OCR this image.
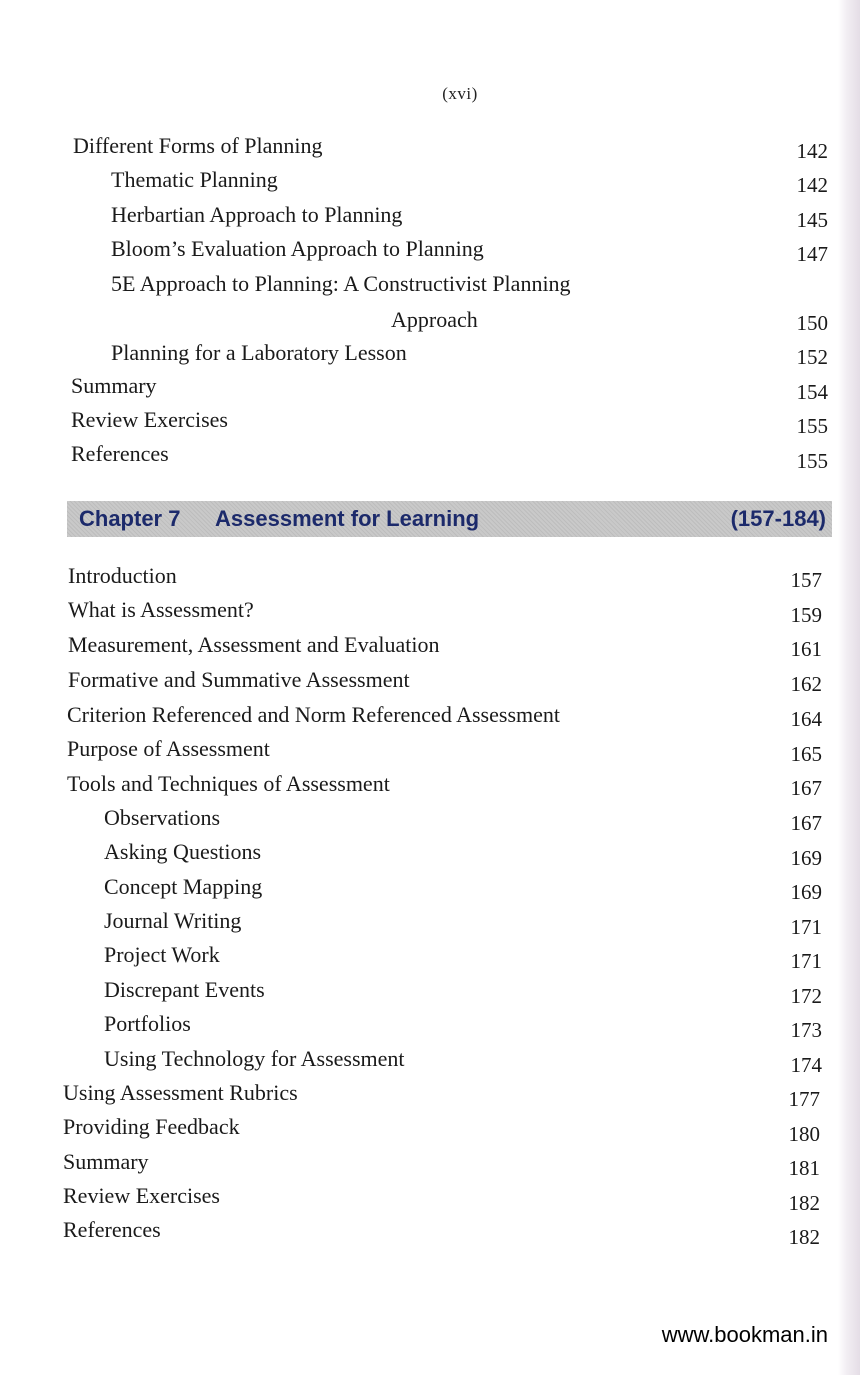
(xvi)
Different Forms of Planning	142
Thematic Planning	142
Herbartian Approach to Planning	145
Bloom’s Evaluation Approach to Planning	147
5E Approach to Planning: A Constructivist Planning
Approach	150
Planning for a Laboratory Lesson	152
Summary	154
Review Exercises	155
References	155
Chapter 7 Assessment for Learning	(157-184)
Introduction	157
What is Assessment?	159
Measurement, Assessment and Evaluation	161
Formative and Summative Assessment	162
Criterion Referenced and Norm Referenced Assessment	164
Purpose of Assessment	165
Tools and Techniques of Assessment	167
Observations	167
Asking Questions	169
Concept Mapping	169
Journal Writing	171
Project Work	171
Discrepant Events	172
Portfolios	173
Using Technology for Assessment	174
Using Assessment Rubrics	177
Providing Feedback	180
Summary	181
Review Exercises	182
References	182
www.bookman.in
